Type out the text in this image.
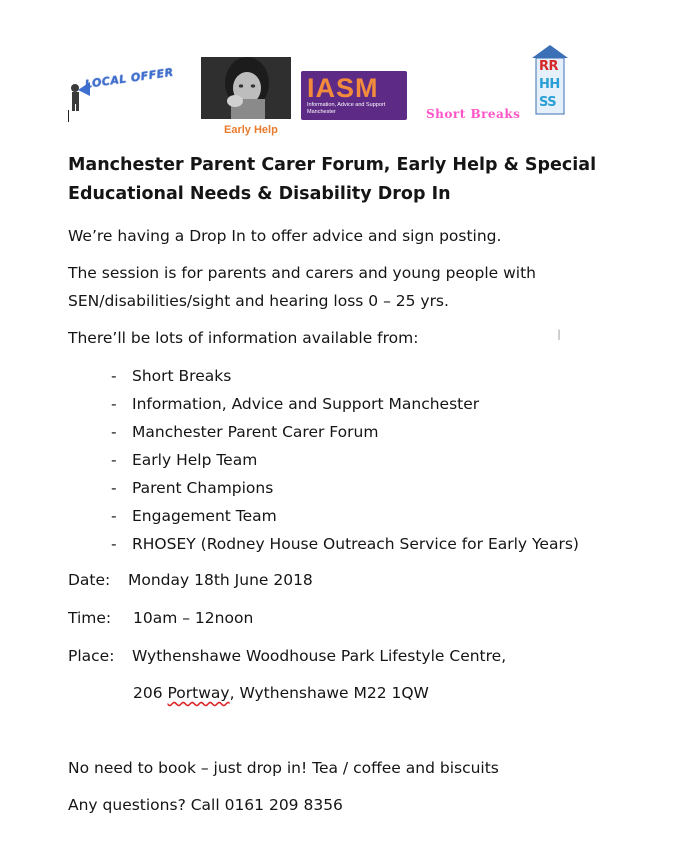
LOCAL OFFER
Early Help
IASM
Information, Advice and Support Manchester	Short Breaks
RR
HH
SS
Manchester Parent Carer Forum, Early Help & Special
Educational Needs & Disability Drop In
We’re having a Drop In to offer advice and sign posting.
The session is for parents and carers and young people with
SEN/disabilities/sight and hearing loss 0 – 25 yrs.
There’ll be lots of information available from:	I
- Short Breaks
- Information, Advice and Support Manchester
- Manchester Parent Carer Forum
- Early Help Team
- Parent Champions
- Engagement Team
- RHOSEY (Rodney House Outreach Service for Early Years)
Date: Monday 18th June 2018
Time: 10am – 12noon
Place: Wythenshawe Woodhouse Park Lifestyle Centre,
206 Portway, Wythenshawe M22 1QW
No need to book – just drop in! Tea / coffee and biscuits
Any questions? Call 0161 209 8356
